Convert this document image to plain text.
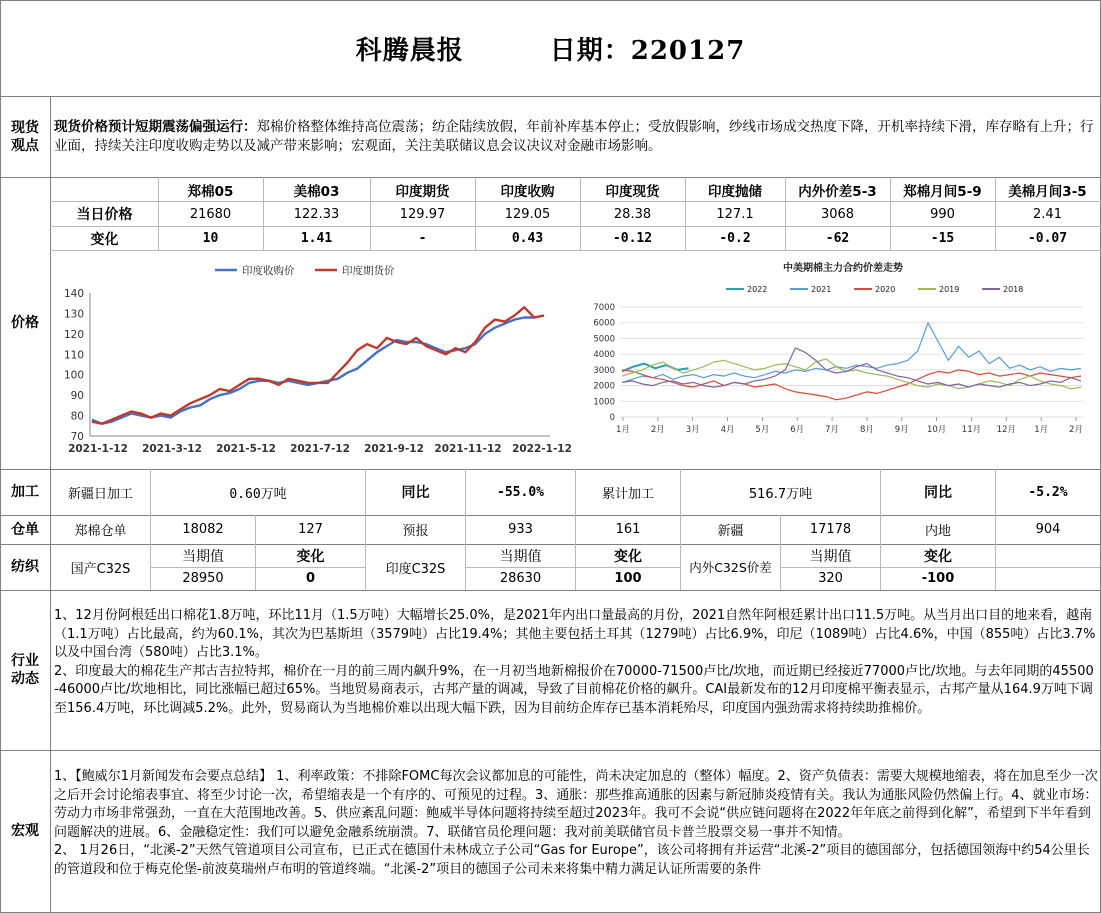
科腾晨报	日期：220127
现货
观点
现货价格预计短期震荡偏强运行：郑棉价格整体维持高位震荡；纺企陆续放假，年前补库基本停止；受放假影响，纱线市场成交热度下降，开机率持续下滑，库存略有上升；行业面，持续关注印度收购走势以及减产带来影响；宏观面，关注美联储议息会议决议对金融市场影响。
价格
郑棉05	美棉03	印度期货	印度收购	印度现货	印度抛储	内外价差5-3	郑棉月间5-9	美棉月间3-5
当日价格	21680	122.33	129.97	129.05	28.38	127.1	3068	990	2.41
变化	10	1.41	-	0.43	-0.12	-0.2	-62	-15	-0.07
70
80
90
100
110
120
130
140
2021-1-12 2021-3-12 2021-5-12 2021-7-12 2021-9-12 2021-11-12 2022-1-12
印度收购价	印度期货价	中美期棉主力合约价差走势
2022	2021	2020	2019	2018
0
1000
2000
3000
4000
5000
6000
7000
1月 2月 3月 4月 5月 6月 7月 8月 9月 10月 11月 12月 1月 2月
加工	新疆日加工	0.60万吨	同比	-55.0%	累计加工	516.7万吨	同比	-5.2%
仓单	郑棉仓单	18082	127	预报	933	161	新疆	17178	内地	904
纺织	国产C32S
当期值	变化
28950	0
印度C32S
当期值	变化
28630	100
内外C32S价差
当期值	变化
320	-100
行业
动态
1、12月份阿根廷出口棉花1.8万吨，环比11月（1.5万吨）大幅增长25.0%，是2021年内出口量最高的月份，2021自然年阿根廷累计出口11.5万吨。从当月出口目的地来看，越南（1.1万吨）占比最高，约为60.1%，其次为巴基斯坦（3579吨）占比19.4%；其他主要包括土耳其（1279吨）占比6.9%，印尼（1089吨）占比4.6%，中国（855吨）占比3.7%以及中国台湾（580吨）占比3.1%。
2、印度最大的棉花生产邦古吉拉特邦，棉价在一月的前三周内飙升9%，在一月初当地新棉报价在70000-71500卢比/坎地，而近期已经接近77000卢比/坎地。与去年同期的45500-46000卢比/坎地相比，同比涨幅已超过65%。当地贸易商表示，古邦产量的调减，导致了目前棉花价格的飙升。CAI最新发布的12月印度棉平衡表显示，古邦产量从164.9万吨下调至156.4万吨，环比调减5.2%。此外，贸易商认为当地棉价难以出现大幅下跌，因为目前纺企库存已基本消耗殆尽，印度国内强劲需求将持续助推棉价。
宏观
1、【鲍威尔1月新闻发布会要点总结】 1、利率政策：不排除FOMC每次会议都加息的可能性，尚未决定加息的（整体）幅度。2、资产负债表：需要大规模地缩表，将在加息至少一次之后开会讨论缩表事宜、将至少讨论一次，希望缩表是一个有序的、可预见的过程。3、通胀：那些推高通胀的因素与新冠肺炎疫情有关。我认为通胀风险仍然偏上行。4、就业市场：劳动力市场非常强劲，一直在大范围地改善。5、供应紊乱问题：鲍威半导体问题将持续至超过2023年。我可不会说“供应链问题将在2022年年底之前得到化解”，希望到下半年看到问题解决的进展。6、金融稳定性：我们可以避免金融系统崩溃。7、联储官员伦理问题：我对前美联储官员卡普兰股票交易一事并不知情。
2、 1月26日，“北溪-2”天然气管道项目公司宣布，已正式在德国什未林成立子公司“Gas for Europe”，该公司将拥有并运营“北溪-2”项目的德国部分，包括德国领海中约54公里长的管道段和位于梅克伦堡-前波莫瑞州卢布明的管道终端。“北溪-2”项目的德国子公司未来将集中精力满足认证所需要的条件
